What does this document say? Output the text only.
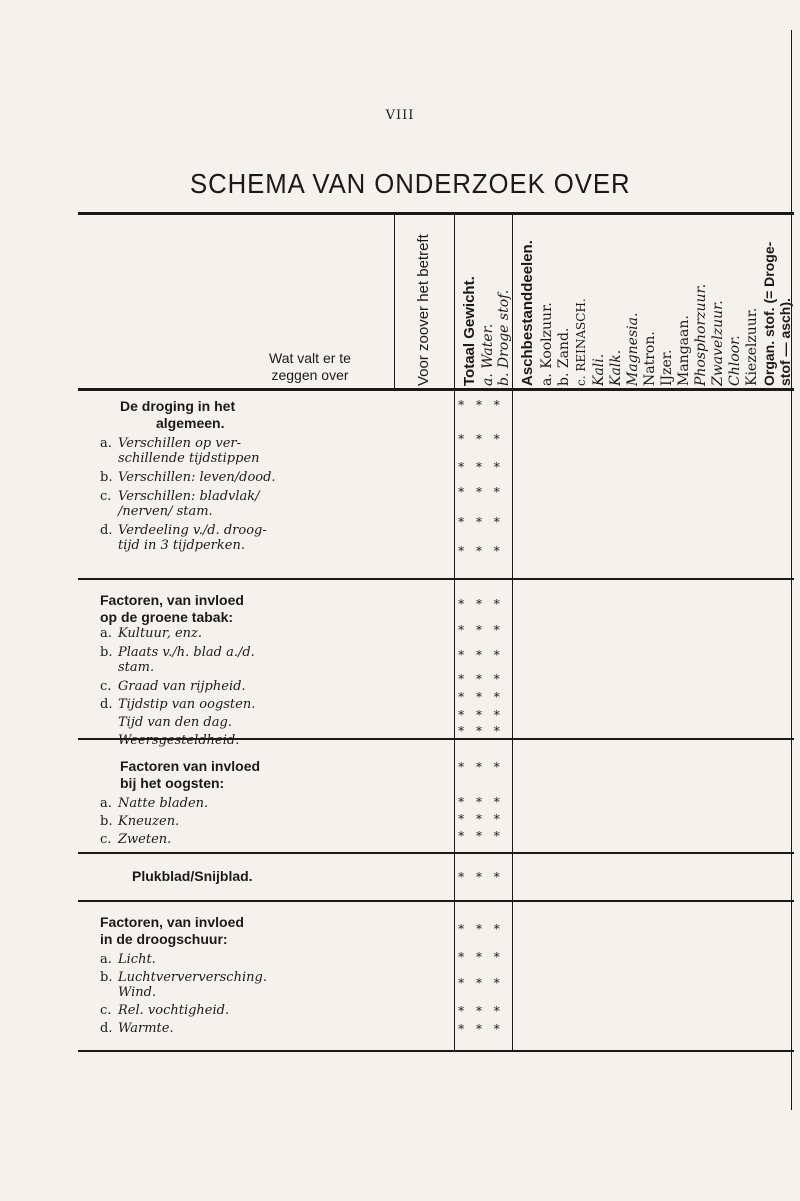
VIII
SCHEMA VAN ONDERZOEK OVER
Wat valt er te
zeggen over	Voor zoover het betreft Totaal Gewicht. a. Water. b. Droge stof. Aschbestanddeelen. a. Koolzuur. b. Zand. c. REINASCH. Kali. Kalk. Magnesia. Natron. IJzer. Mangaan. Phosphorzuur. Zwavelzuur. Chloor. Kiezelzuur. Organ. stof. (= Droge- stof — asch).
De droging in het
algemeen.
a. Verschillen op ver-
schillende tijdstippen
b. Verschillen: leven/dood.
c. Verschillen: bladvlak/
/nerven/ stam.
d. Verdeeling v./d. droog-
tijd in 3 tijdperken.
* * *
* * *
* * *
* * *
* * *
* * *
Factoren, van invloed
op de groene tabak:
a. Kultuur, enz.
b. Plaats v./h. blad a./d.
stam.
c. Graad van rijpheid.
d. Tijdstip van oogsten.
Tijd van den dag.
Weersgesteldheid.
* * *
* * *
* * *
* * *
* * *
* * *
* * *
Factoren van invloed
bij het oogsten:
a. Natte bladen.
b. Kneuzen.
c. Zweten.
* * *
* * *
* * *
* * *
Plukblad/Snijblad.	* * *
Factoren, van invloed
in de droogschuur:
a. Licht.
b. Luchtververversching.
Wind.
c. Rel. vochtigheid.
d. Warmte.
* * *
* * *
* * *
* * *
* * *
